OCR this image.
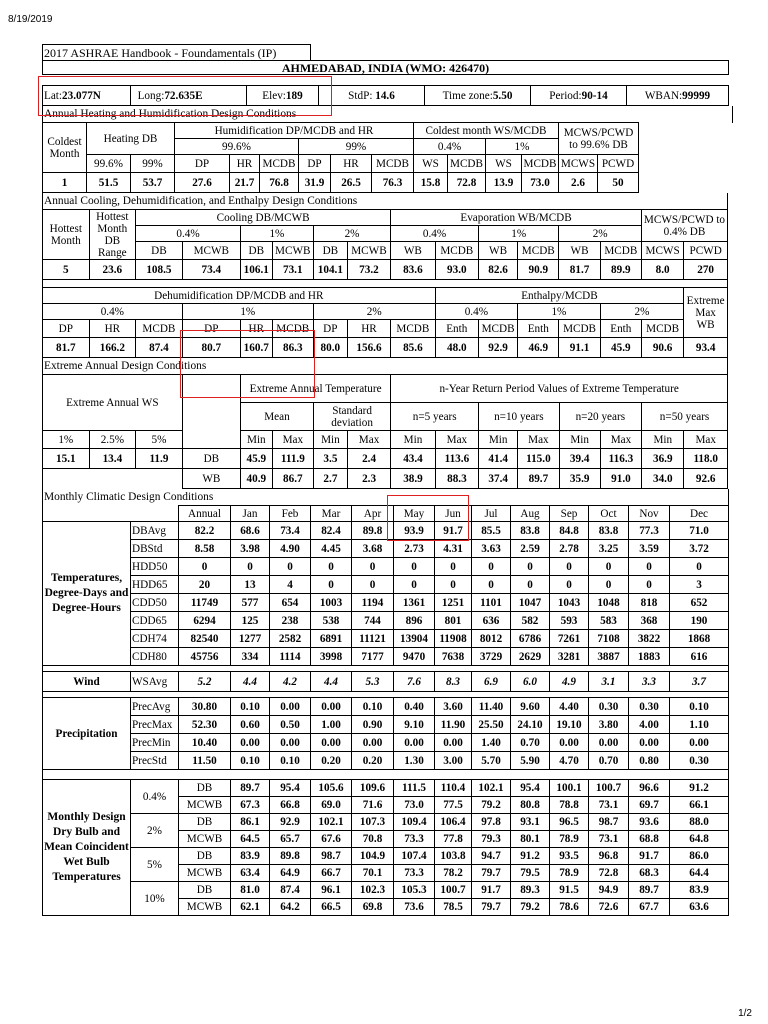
8/19/2019
2017 ASHRAE Handbook - Foundamentals (IP)		
AHMEDABAD, INDIA (WMO: 426470)
Lat:23.077N	Long:72.635E	Elev:189	StdP: 14.6	Time zone:5.50	Period:90-14	WBAN:99999
Annual Heating and Humidification Design Conditions															
Coldest Month	Heating DB		Humidification DP/MCDB and HR						Coldest month WS/MCDB				MCWS/PCWD to 99.6% DB		
			99.6%			99%			0.4%		1%				
	99.6%	99%	DP	HR	MCDB	DP	HR	MCDB	WS	MCDB	WS	MCDB	MCWS	PCWD	
1	51.5	53.7	27.6	21.7	76.8	31.9	26.5	76.3	15.8	72.8	13.9	73.0	2.6	50	
Annual Cooling, Dehumidification, and Enthalpy Design Conditions															
Hottest Month	Hottest Month DB Range	Cooling DB/MCWB						Evaporation WB/MCDB						MCWS/PCWD to 0.4% DB	
		0.4%		1%		2%		0.4%		1%		2%			
		DB	MCWB	DB	MCWB	DB	MCWB	WB	MCDB	WB	MCDB	WB	MCDB	MCWS	PCWD
5	23.6	108.5	73.4	106.1	73.1	104.1	73.2	83.6	93.0	82.6	90.9	81.7	89.9	8.0	270

Dehumidification DP/MCDB and HR									Enthalpy/MCDB						Extreme Max WB
0.4%			1%			2%			0.4%		1%		2%		
DP	HR	MCDB	DP	HR	MCDB	DP	HR	MCDB	Enth	MCDB	Enth	MCDB	Enth	MCDB	
81.7	166.2	87.4	80.7	160.7	86.3	80.0	156.6	85.6	48.0	92.9	46.9	91.1	45.9	90.6	93.4
Extreme Annual Design Conditions															
Extreme Annual WS				Extreme Annual Temperature				n-Year Return Period Values of Extreme Temperature							
				Mean		Standard deviation		n=5 years		n=10 years		n=20 years		n=50 years	
1%	2.5%	5%		Min	Max	Min	Max	Min	Max	Min	Max	Min	Max	Min	Max
15.1	13.4	11.9	DB	45.9	111.9	3.5	2.4	43.4	113.6	41.4	115.0	39.4	116.3	36.9	118.0
			WB	40.9	86.7	2.7	2.3	38.9	88.3	37.4	89.7	35.9	91.0	34.0	92.6
Monthly Climatic Design Conditions														
		Annual	Jan	Feb	Mar	Apr	May	Jun	Jul	Aug	Sep	Oct	Nov	Dec
Temperatures, Degree-Days and Degree-Hours	DBAvg	82.2	68.6	73.4	82.4	89.8	93.9	91.7	85.5	83.8	84.8	83.8	77.3	71.0
	DBStd	8.58	3.98	4.90	4.45	3.68	2.73	4.31	3.63	2.59	2.78	3.25	3.59	3.72
	HDD50	0	0	0	0	0	0	0	0	0	0	0	0	0
	HDD65	20	13	4	0	0	0	0	0	0	0	0	0	3
	CDD50	11749	577	654	1003	1194	1361	1251	1101	1047	1043	1048	818	652
	CDD65	6294	125	238	538	744	896	801	636	582	593	583	368	190
	CDH74	82540	1277	2582	6891	11121	13904	11908	8012	6786	7261	7108	3822	1868
	CDH80	45756	334	1114	3998	7177	9470	7638	3729	2629	3281	3887	1883	616

Wind	WSAvg	5.2	4.4	4.2	4.4	5.3	7.6	8.3	6.9	6.0	4.9	3.1	3.3	3.7

Precipitation	PrecAvg	30.80	0.10	0.00	0.00	0.10	0.40	3.60	11.40	9.60	4.40	0.30	0.30	0.10
	PrecMax	52.30	0.60	0.50	1.00	0.90	9.10	11.90	25.50	24.10	19.10	3.80	4.00	1.10
	PrecMin	10.40	0.00	0.00	0.00	0.00	0.00	0.00	1.40	0.70	0.00	0.00	0.00	0.00
	PrecStd	11.50	0.10	0.10	0.20	0.20	1.30	3.00	5.70	5.90	4.70	0.70	0.80	0.30

Monthly Design Dry Bulb and Mean Coincident Wet Bulb Temperatures	0.4%	DB	89.7	95.4	105.6	109.6	111.5	110.4	102.1	95.4	100.1	100.7	96.6	91.2
		MCWB	67.3	66.8	69.0	71.6	73.0	77.5	79.2	80.8	78.8	73.1	69.7	66.1
	2%	DB	86.1	92.9	102.1	107.3	109.4	106.4	97.8	93.1	96.5	98.7	93.6	88.0
		MCWB	64.5	65.7	67.6	70.8	73.3	77.8	79.3	80.1	78.9	73.1	68.8	64.8
	5%	DB	83.9	89.8	98.7	104.9	107.4	103.8	94.7	91.2	93.5	96.8	91.7	86.0
		MCWB	63.4	64.9	66.7	70.1	73.3	78.2	79.7	79.5	78.9	72.8	68.3	64.4
	10%	DB	81.0	87.4	96.1	102.3	105.3	100.7	91.7	89.3	91.5	94.9	89.7	83.9
		MCWB	62.1	64.2	66.5	69.8	73.6	78.5	79.7	79.2	78.6	72.6	67.7	63.6
1/2
